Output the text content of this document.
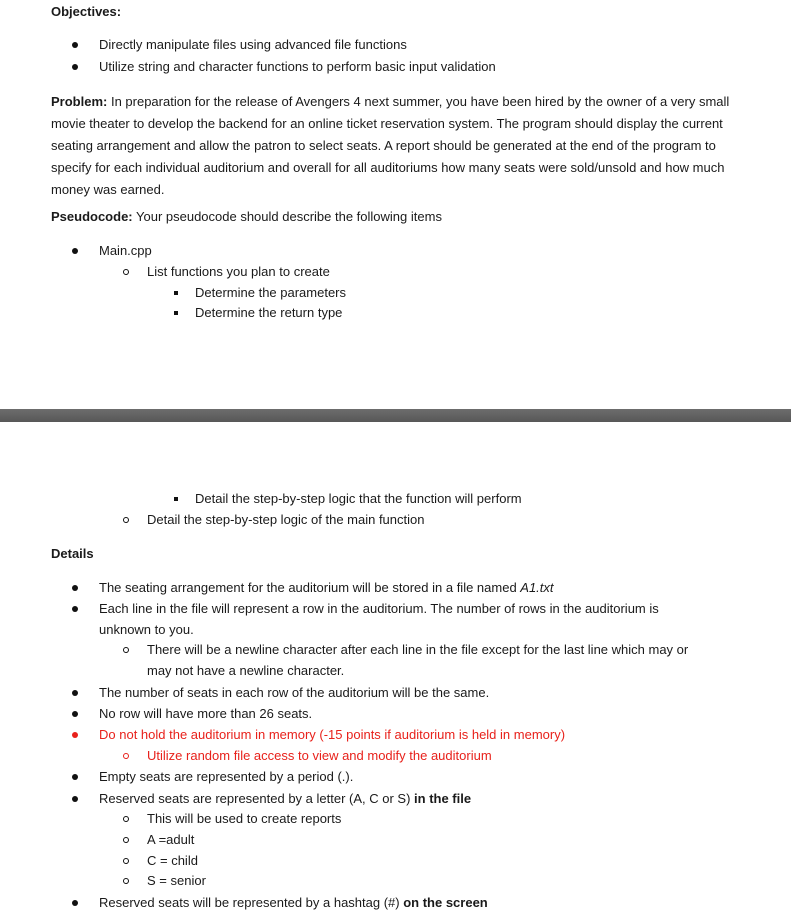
Objectives:
Directly manipulate files using advanced file functions
Utilize string and character functions to perform basic input validation
Problem: In preparation for the release of Avengers 4 next summer, you have been hired by the owner of a very small movie theater to develop the backend for an online ticket reservation system. The program should display the current seating arrangement and allow the patron to select seats. A report should be generated at the end of the program to specify for each individual auditorium and overall for all auditoriums how many seats were sold/unsold and how much money was earned.
Pseudocode: Your pseudocode should describe the following items
Main.cpp
List functions you plan to create
Determine the parameters
Determine the return type
Detail the step-by-step logic that the function will perform
Detail the step-by-step logic of the main function
Details
The seating arrangement for the auditorium will be stored in a file named A1.txt
Each line in the file will represent a row in the auditorium. The number of rows in the auditorium is
unknown to you.
There will be a newline character after each line in the file except for the last line which may or
may not have a newline character.
The number of seats in each row of the auditorium will be the same.
No row will have more than 26 seats.
Do not hold the auditorium in memory (-15 points if auditorium is held in memory)
Utilize random file access to view and modify the auditorium
Empty seats are represented by a period (.).
Reserved seats are represented by a letter (A, C or S) in the file
This will be used to create reports
A =adult
C = child
S = senior
Reserved seats will be represented by a hashtag (#) on the screen
